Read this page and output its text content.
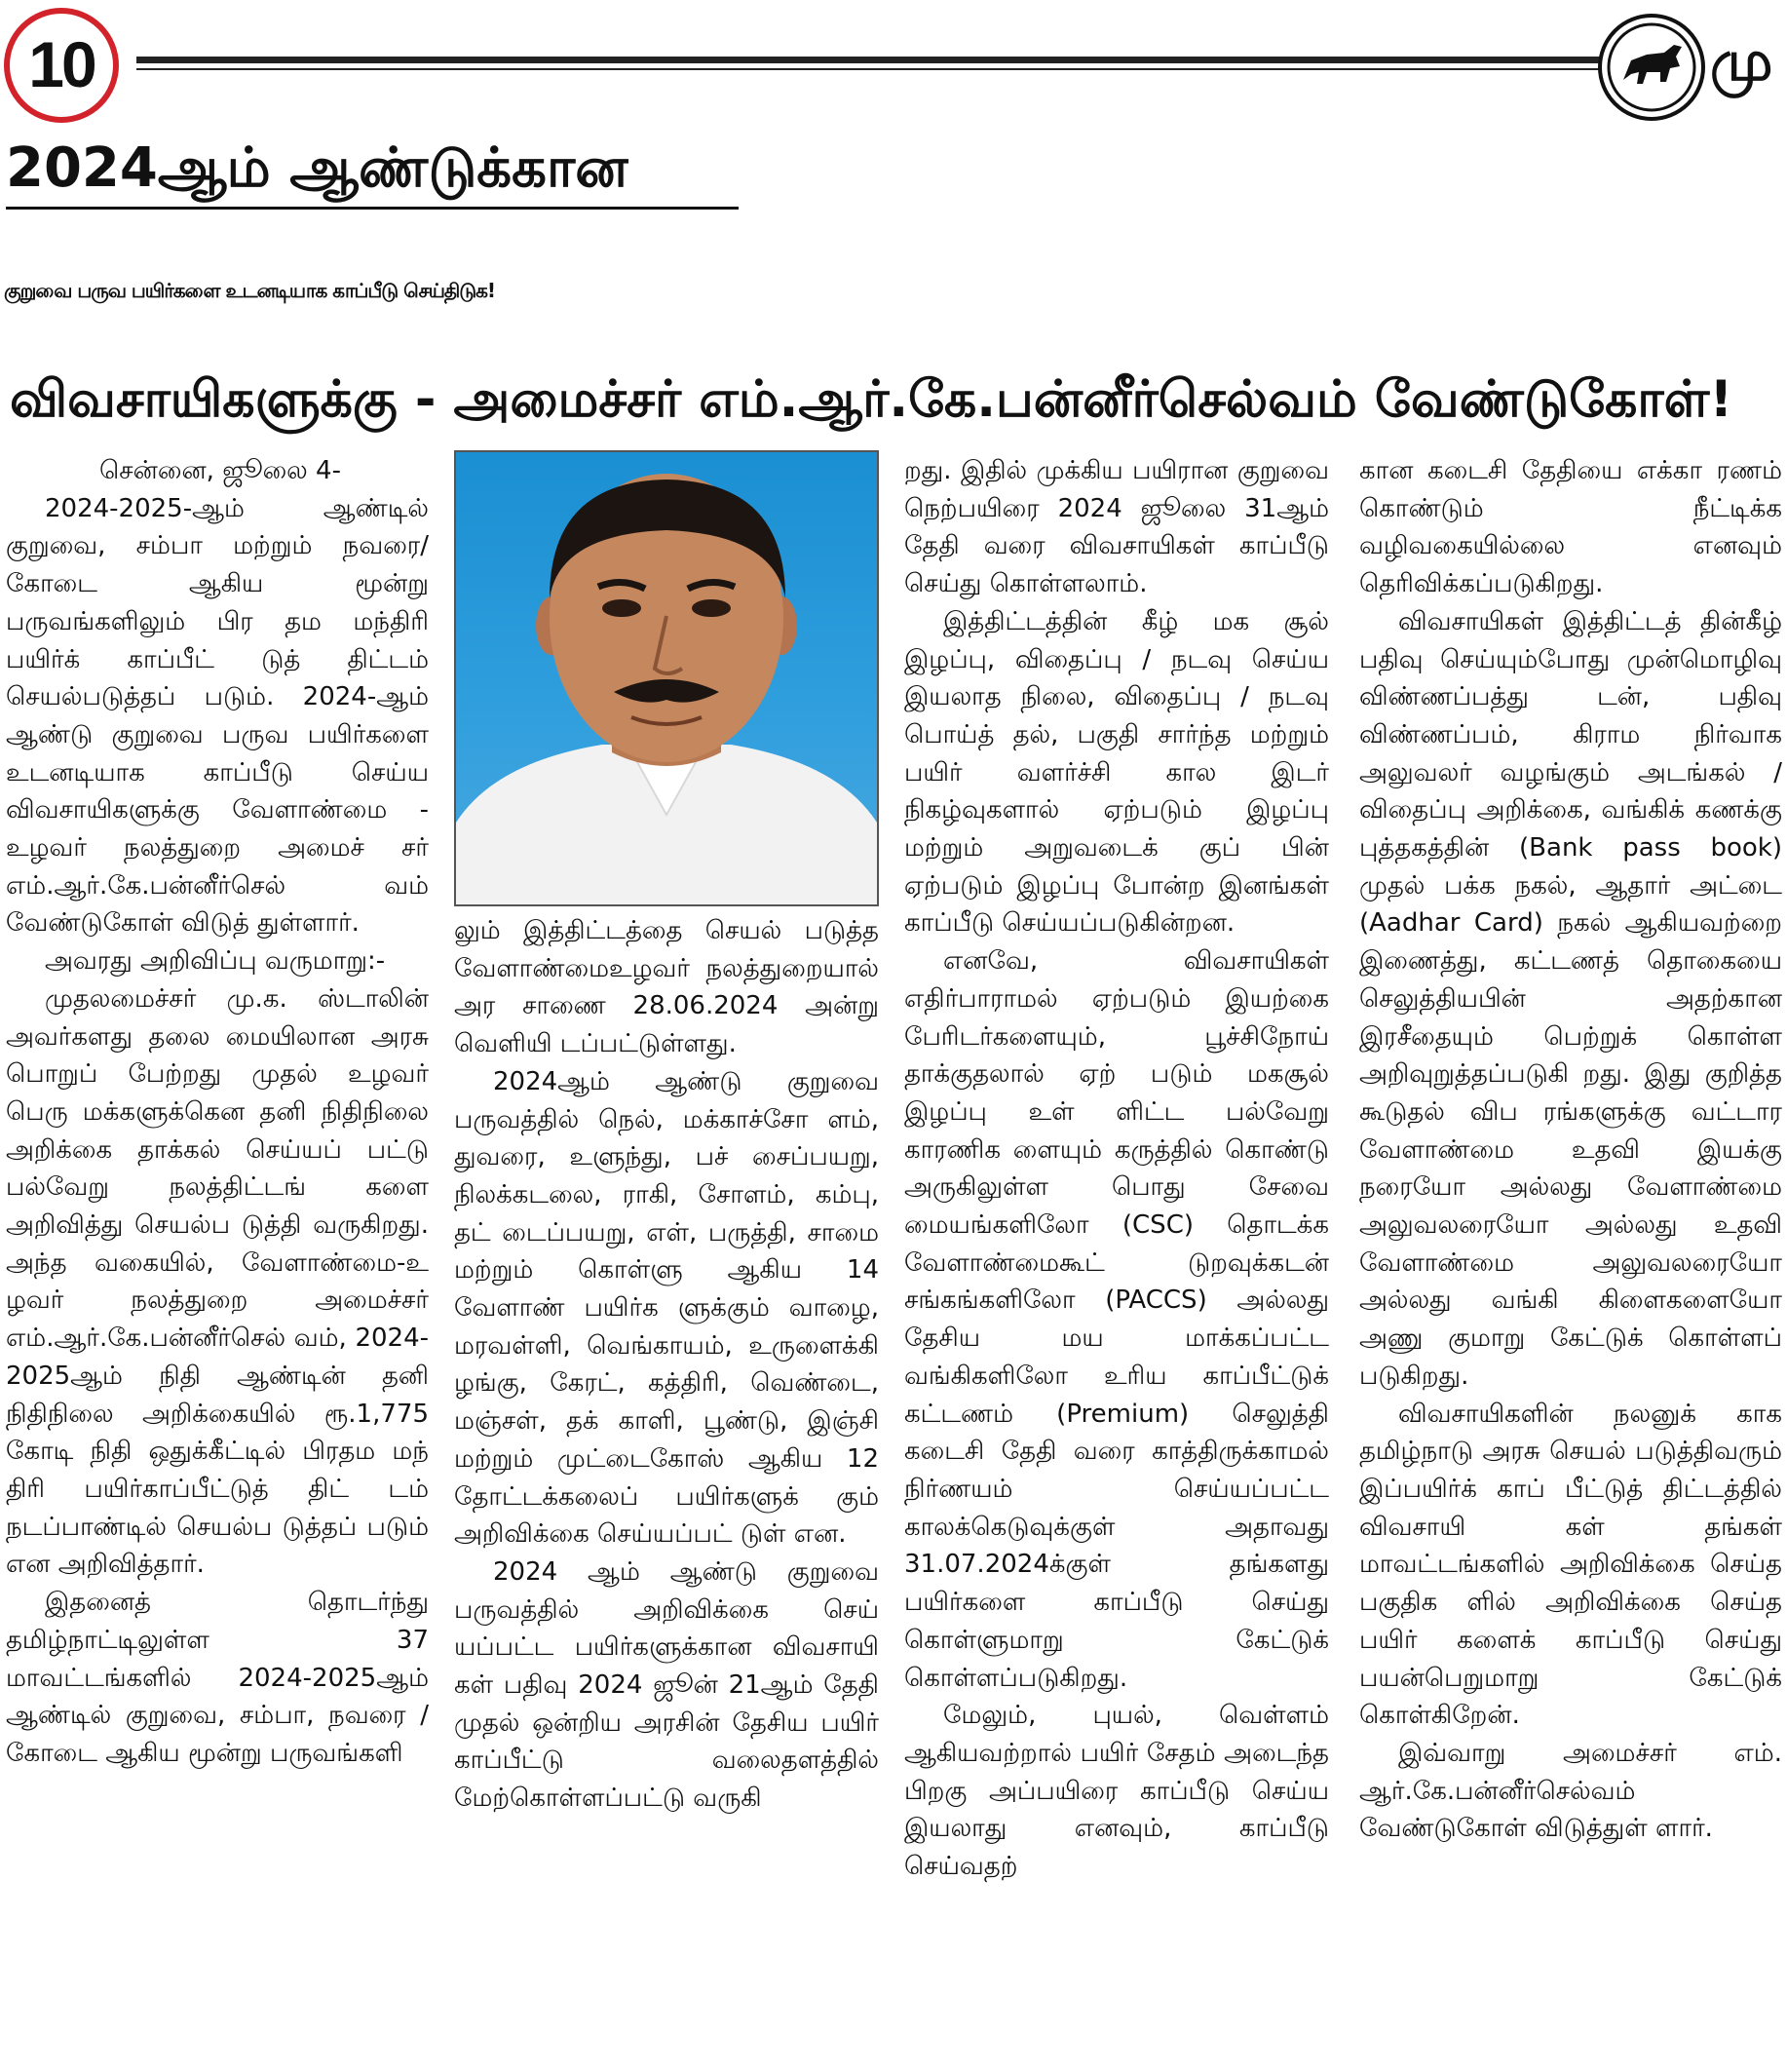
10	மு
2024ஆம் ஆண்டுக்கான
குறுவை பருவ பயிர்களை உடனடியாக காப்பீடு செய்திடுக!
விவசாயிகளுக்கு - அமைச்சர் எம்.ஆர்.கே.பன்னீர்செல்வம் வேண்டுகோள்!

சென்னை, ஜூலை 4-

2024-2025-ஆம் ஆண்டில் குறுவை, சம்பா மற்றும் நவரை/ கோடை ஆகிய மூன்று பருவங்களிலும் பிர தம மந்திரி பயிர்க் காப்பீட் டுத் திட்டம் செயல்படுத்தப் படும். 2024-ஆம் ஆண்டு குறுவை பருவ பயிர்களை உடனடியாக காப்பீடு செய்ய விவசாயிகளுக்கு வேளாண்மை - உழவர் நலத்துறை அமைச் சர் எம்.ஆர்.கே.பன்னீர்செல் வம் வேண்டுகோள் விடுத் துள்ளார்.

அவரது அறிவிப்பு வருமாறு:-

முதலமைச்சர் மு.க. ஸ்டாலின் அவர்களது தலை மையிலான அரசு பொறுப் பேற்றது முதல் உழவர் பெரு மக்களுக்கென தனி நிதிநிலை அறிக்கை தாக்கல் செய்யப் பட்டு பல்வேறு நலத்திட்டங் களை அறிவித்து செயல்ப டுத்தி வருகிறது. அந்த வகையில், வேளாண்மை-உ ழவர் நலத்துறை அமைச்சர் எம்.ஆர்.கே.பன்னீர்செல் வம், 2024-2025ஆம் நிதி ஆண்டின் தனி நிதிநிலை அறிக்கையில் ரூ.1,775 கோடி நிதி ஒதுக்கீட்டில் பிரதம மந் திரி பயிர்காப்பீட்டுத் திட் டம் நடப்பாண்டில் செயல்ப டுத்தப் படும் என அறிவித்தார்.

இதனைத் தொடர்ந்து தமிழ்நாட்டிலுள்ள 37 மாவட்டங்களில் 2024-2025ஆம் ஆண்டில் குறுவை, சம்பா, நவரை / கோடை ஆகிய மூன்று பருவங்களி

லும் இத்திட்டத்தை செயல் படுத்த வேளாண்மைஉழவர் நலத்துறையால் அர சாணை 28.06.2024 அன்று வெளியி டப்பட்டுள்ளது.

2024ஆம் ஆண்டு குறுவை பருவத்தில் நெல், மக்காச்சோ ளம், துவரை, உளுந்து, பச் சைப்பயறு, நிலக்கடலை, ராகி, சோளம், கம்பு, தட் டைப்பயறு, எள், பருத்தி, சாமை மற்றும் கொள்ளு ஆகிய 14 வேளாண் பயிர்க ளுக்கும் வாழை, மரவள்ளி, வெங்காயம், உருளைக்கி ழங்கு, கேரட், கத்திரி, வெண்டை, மஞ்சள், தக் காளி, பூண்டு, இஞ்சி மற்றும் முட்டைகோஸ் ஆகிய 12 தோட்டக்கலைப் பயிர்களுக் கும் அறிவிக்கை செய்யப்பட் டுள் என.

2024 ஆம் ஆண்டு குறுவை பருவத்தில் அறிவிக்கை செய் யப்பட்ட பயிர்களுக்கான விவசாயி கள் பதிவு 2024 ஜூன் 21ஆம் தேதி முதல் ஒன்றிய அரசின் தேசிய பயிர் காப்பீட்டு வலைதளத்தில் மேற்கொள்ளப்பட்டு வருகி

றது. இதில் முக்கிய பயிரான குறுவை நெற்பயிரை 2024 ஜூலை 31ஆம் தேதி வரை விவசாயிகள் காப்பீடு செய்து கொள்ளலாம்.

இத்திட்டத்தின் கீழ் மக சூல் இழப்பு, விதைப்பு / நடவு செய்ய இயலாத நிலை, விதைப்பு / நடவு பொய்த் தல், பகுதி சார்ந்த மற்றும் பயிர் வளர்ச்சி கால இடர் நிகழ்வுகளால் ஏற்படும் இழப்பு மற்றும் அறுவடைக் குப் பின் ஏற்படும் இழப்பு போன்ற இனங்கள் காப்பீடு செய்யப்படுகின்றன.

எனவே, விவசாயிகள் எதிர்பாராமல் ஏற்படும் இயற்கை பேரிடர்களையும், பூச்சிநோய் தாக்குதலால் ஏற் படும் மகசூல் இழப்பு உள் ளிட்ட பல்வேறு காரணிக ளையும் கருத்தில் கொண்டு அருகிலுள்ள பொது சேவை மையங்களிலோ (CSC) தொடக்க வேளாண்மைகூட் டுறவுக்கடன் சங்கங்களிலோ (PACCS) அல்லது தேசிய மய மாக்கப்பட்ட வங்கிகளிலோ உரிய காப்பீட்டுக் கட்டணம் (Premium) செலுத்தி கடைசி தேதி வரை காத்திருக்காமல் நிர்ணயம் செய்யப்பட்ட காலக்கெடுவுக்குள் அதாவது 31.07.2024க்குள் தங்களது பயிர்களை காப்பீடு செய்து கொள்ளுமாறு கேட்டுக் கொள்ளப்படுகிறது.

மேலும், புயல், வெள்ளம் ஆகியவற்றால் பயிர் சேதம் அடைந்த பிறகு அப்பயிரை காப்பீடு செய்ய இயலாது எனவும், காப்பீடு செய்வதற்

கான கடைசி தேதியை எக்கா ரணம் கொண்டும் நீட்டிக்க வழிவகையில்லை எனவும் தெரிவிக்கப்படுகிறது.

விவசாயிகள் இத்திட்டத் தின்கீழ் பதிவு செய்யும்போது முன்மொழிவு விண்ணப்பத்து டன், பதிவு விண்ணப்பம், கிராம நிர்வாக அலுவலர் வழங்கும் அடங்கல் / விதைப்பு அறிக்கை, வங்கிக் கணக்கு புத்தகத்தின் (Bank pass book) முதல் பக்க நகல், ஆதார் அட்டை (Aadhar Card) நகல் ஆகியவற்றை இணைத்து, கட்டணத் தொகையை செலுத்தியபின் அதற்கான இரசீதையும் பெற்றுக் கொள்ள அறிவுறுத்தப்படுகி றது. இது குறித்த கூடுதல் விப ரங்களுக்கு வட்டார வேளாண்மை உதவி இயக்கு நரையோ அல்லது வேளாண்மை அலுவலரையோ அல்லது உதவி வேளாண்மை அலுவலரையோ அல்லது வங்கி கிளைகளையோ அணு குமாறு கேட்டுக் கொள்ளப் படுகிறது.

விவசாயிகளின் நலனுக் காக தமிழ்நாடு அரசு செயல் படுத்திவரும் இப்பயிர்க் காப் பீட்டுத் திட்டத்தில் விவசாயி கள் தங்கள் மாவட்டங்களில் அறிவிக்கை செய்த பகுதிக ளில் அறிவிக்கை செய்த பயிர் களைக் காப்பீடு செய்து பயன்பெறுமாறு கேட்டுக் கொள்கிறேன்.

இவ்வாறு அமைச்சர் எம். ஆர்.கே.பன்னீர்செல்வம் வேண்டுகோள் விடுத்துள் ளார்.
